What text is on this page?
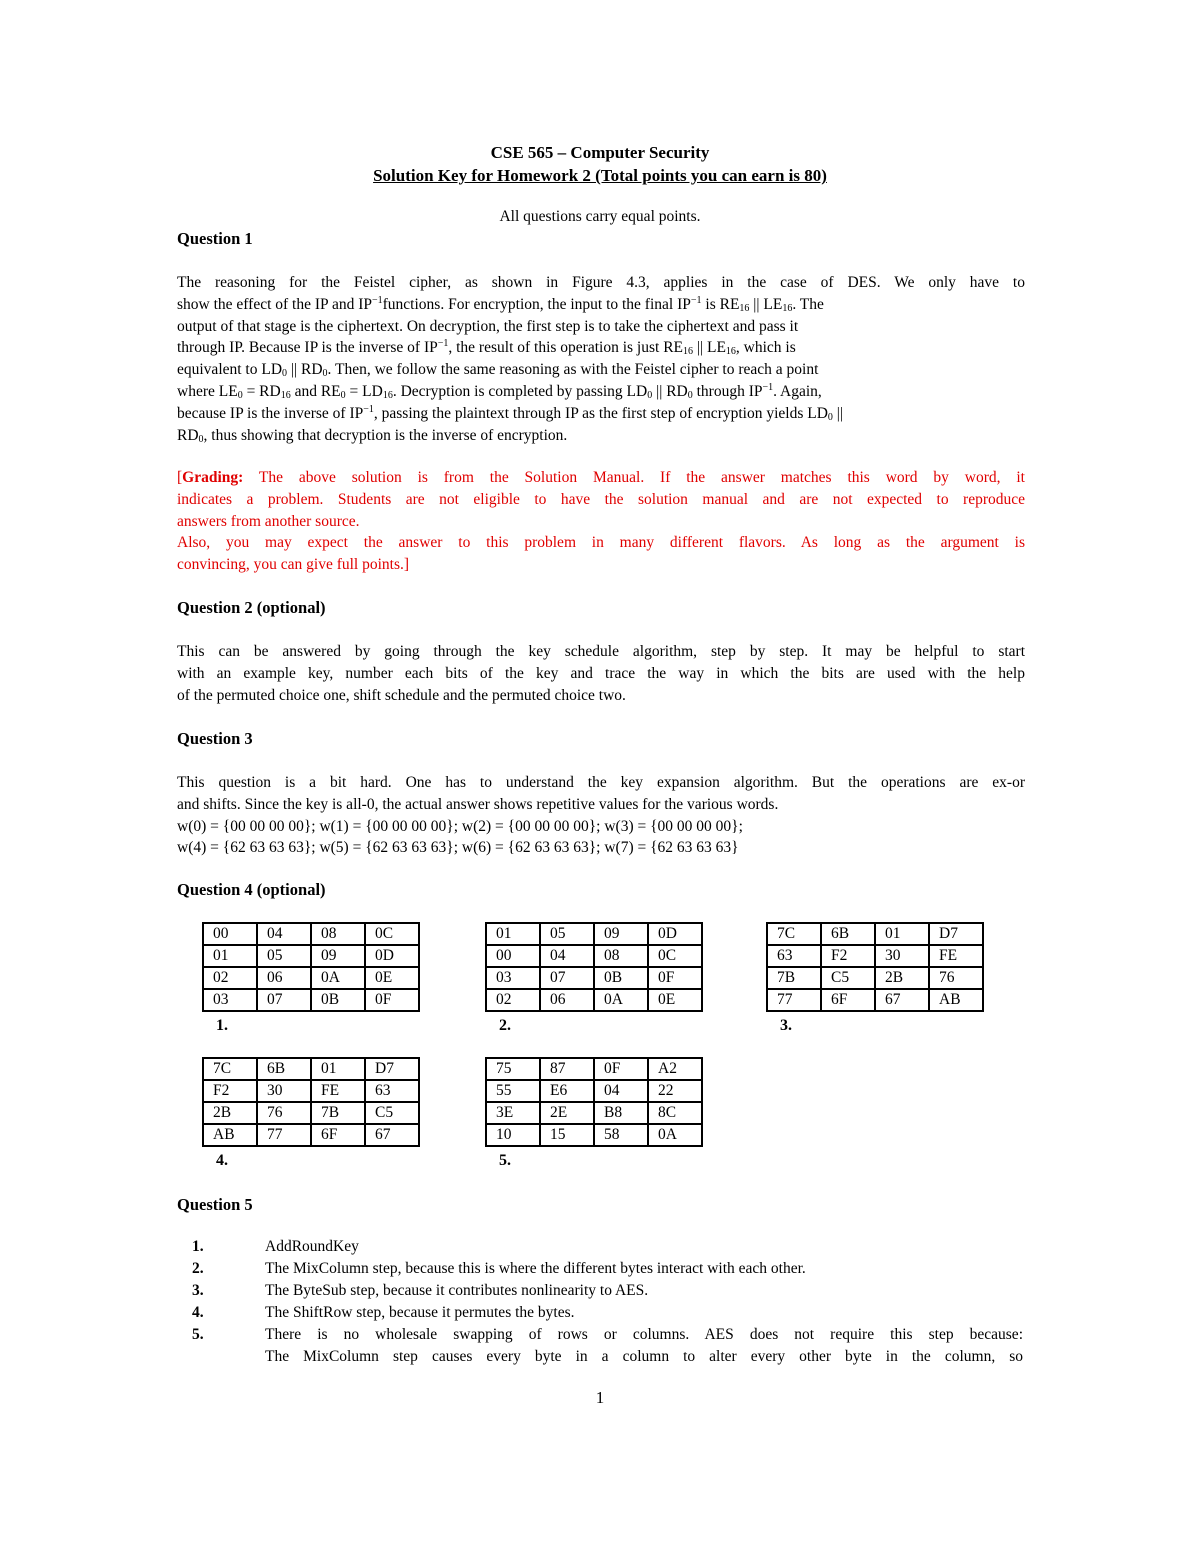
CSE 565 – Computer Security
Solution Key for Homework 2 (Total points you can earn is 80)
All questions carry equal points.
Question 1
The reasoning for the Feistel cipher, as shown in Figure 4.3, applies in the case of DES. We only have to
show the effect of the IP and $IP^{-1}functions$. For encryption, the input to the final $IP^{-1}$ is $RE_{16}$ || $LE_{16}$. The
output of that stage is the ciphertext. On decryption, the first step is to take the ciphertext and pass it
through IP. Because IP is the inverse of $IP^{-1}$, the result of this operation is just $RE_{16}$ || $LE_{16}$, which is
equivalent to $LD_0$ || $RD_0$. Then, we follow the same reasoning as with the Feistel cipher to reach a point
where $LE_0 = RD_{16}$ and $RE_0 = LD_{16}$. Decryption is completed by passing $LD_0$ || $RD_0$ through $IP^{-1}$. Again,
because IP is the inverse of $IP^{-1}$, passing the plaintext through IP as the first step of encryption yields $LD_0$ ||
$RD_0$, thus showing that decryption is the inverse of encryption.
[Grading: The above solution is from the Solution Manual. If the answer matches this word by word, it
indicates a problem. Students are not eligible to have the solution manual and are not expected to reproduce
answers from another source.
Also, you may expect the answer to this problem in many different flavors. As long as the argument is
convincing, you can give full points.]
Question 2 (optional)
This can be answered by going through the key schedule algorithm, step by step. It may be helpful to start
with an example key, number each bits of the key and trace the way in which the bits are used with the help
of the permuted choice one, shift schedule and the permuted choice two.
Question 3
This question is a bit hard. One has to understand the key expansion algorithm. But the operations are ex-or
and shifts. Since the key is all-0, the actual answer shows repetitive values for the various words.
w(0) = {00 00 00 00}; w(1) = {00 00 00 00}; w(2) = {00 00 00 00}; w(3) = {00 00 00 00};
w(4) = {62 63 63 63}; w(5) = {62 63 63 63}; w(6) = {62 63 63 63}; w(7) = {62 63 63 63}
Question 4 (optional)
00	04	08	0C
01	05	09	0D
02	06	0A	0E
03	07	0B	0F
1.
01	05	09	0D
00	04	08	0C
03	07	0B	0F
02	06	0A	0E
2.
7C	6B	01	D7
63	F2	30	FE
7B	C5	2B	76
77	6F	67	AB
3.
7C	6B	01	D7
F2	30	FE	63
2B	76	7B	C5
AB	77	6F	67
4.
75	87	0F	A2
55	E6	04	22
3E	2E	B8	8C
10	15	58	0A
5.
Question 5
1.	AddRoundKey
2.	The MixColumn step, because this is where the different bytes interact with each other.
3.	The ByteSub step, because it contributes nonlinearity to AES.
4.	The ShiftRow step, because it permutes the bytes.
5.	There is no wholesale swapping of rows or columns. AES does not require this step because:
The MixColumn step causes every byte in a column to alter every other byte in the column, so
1
